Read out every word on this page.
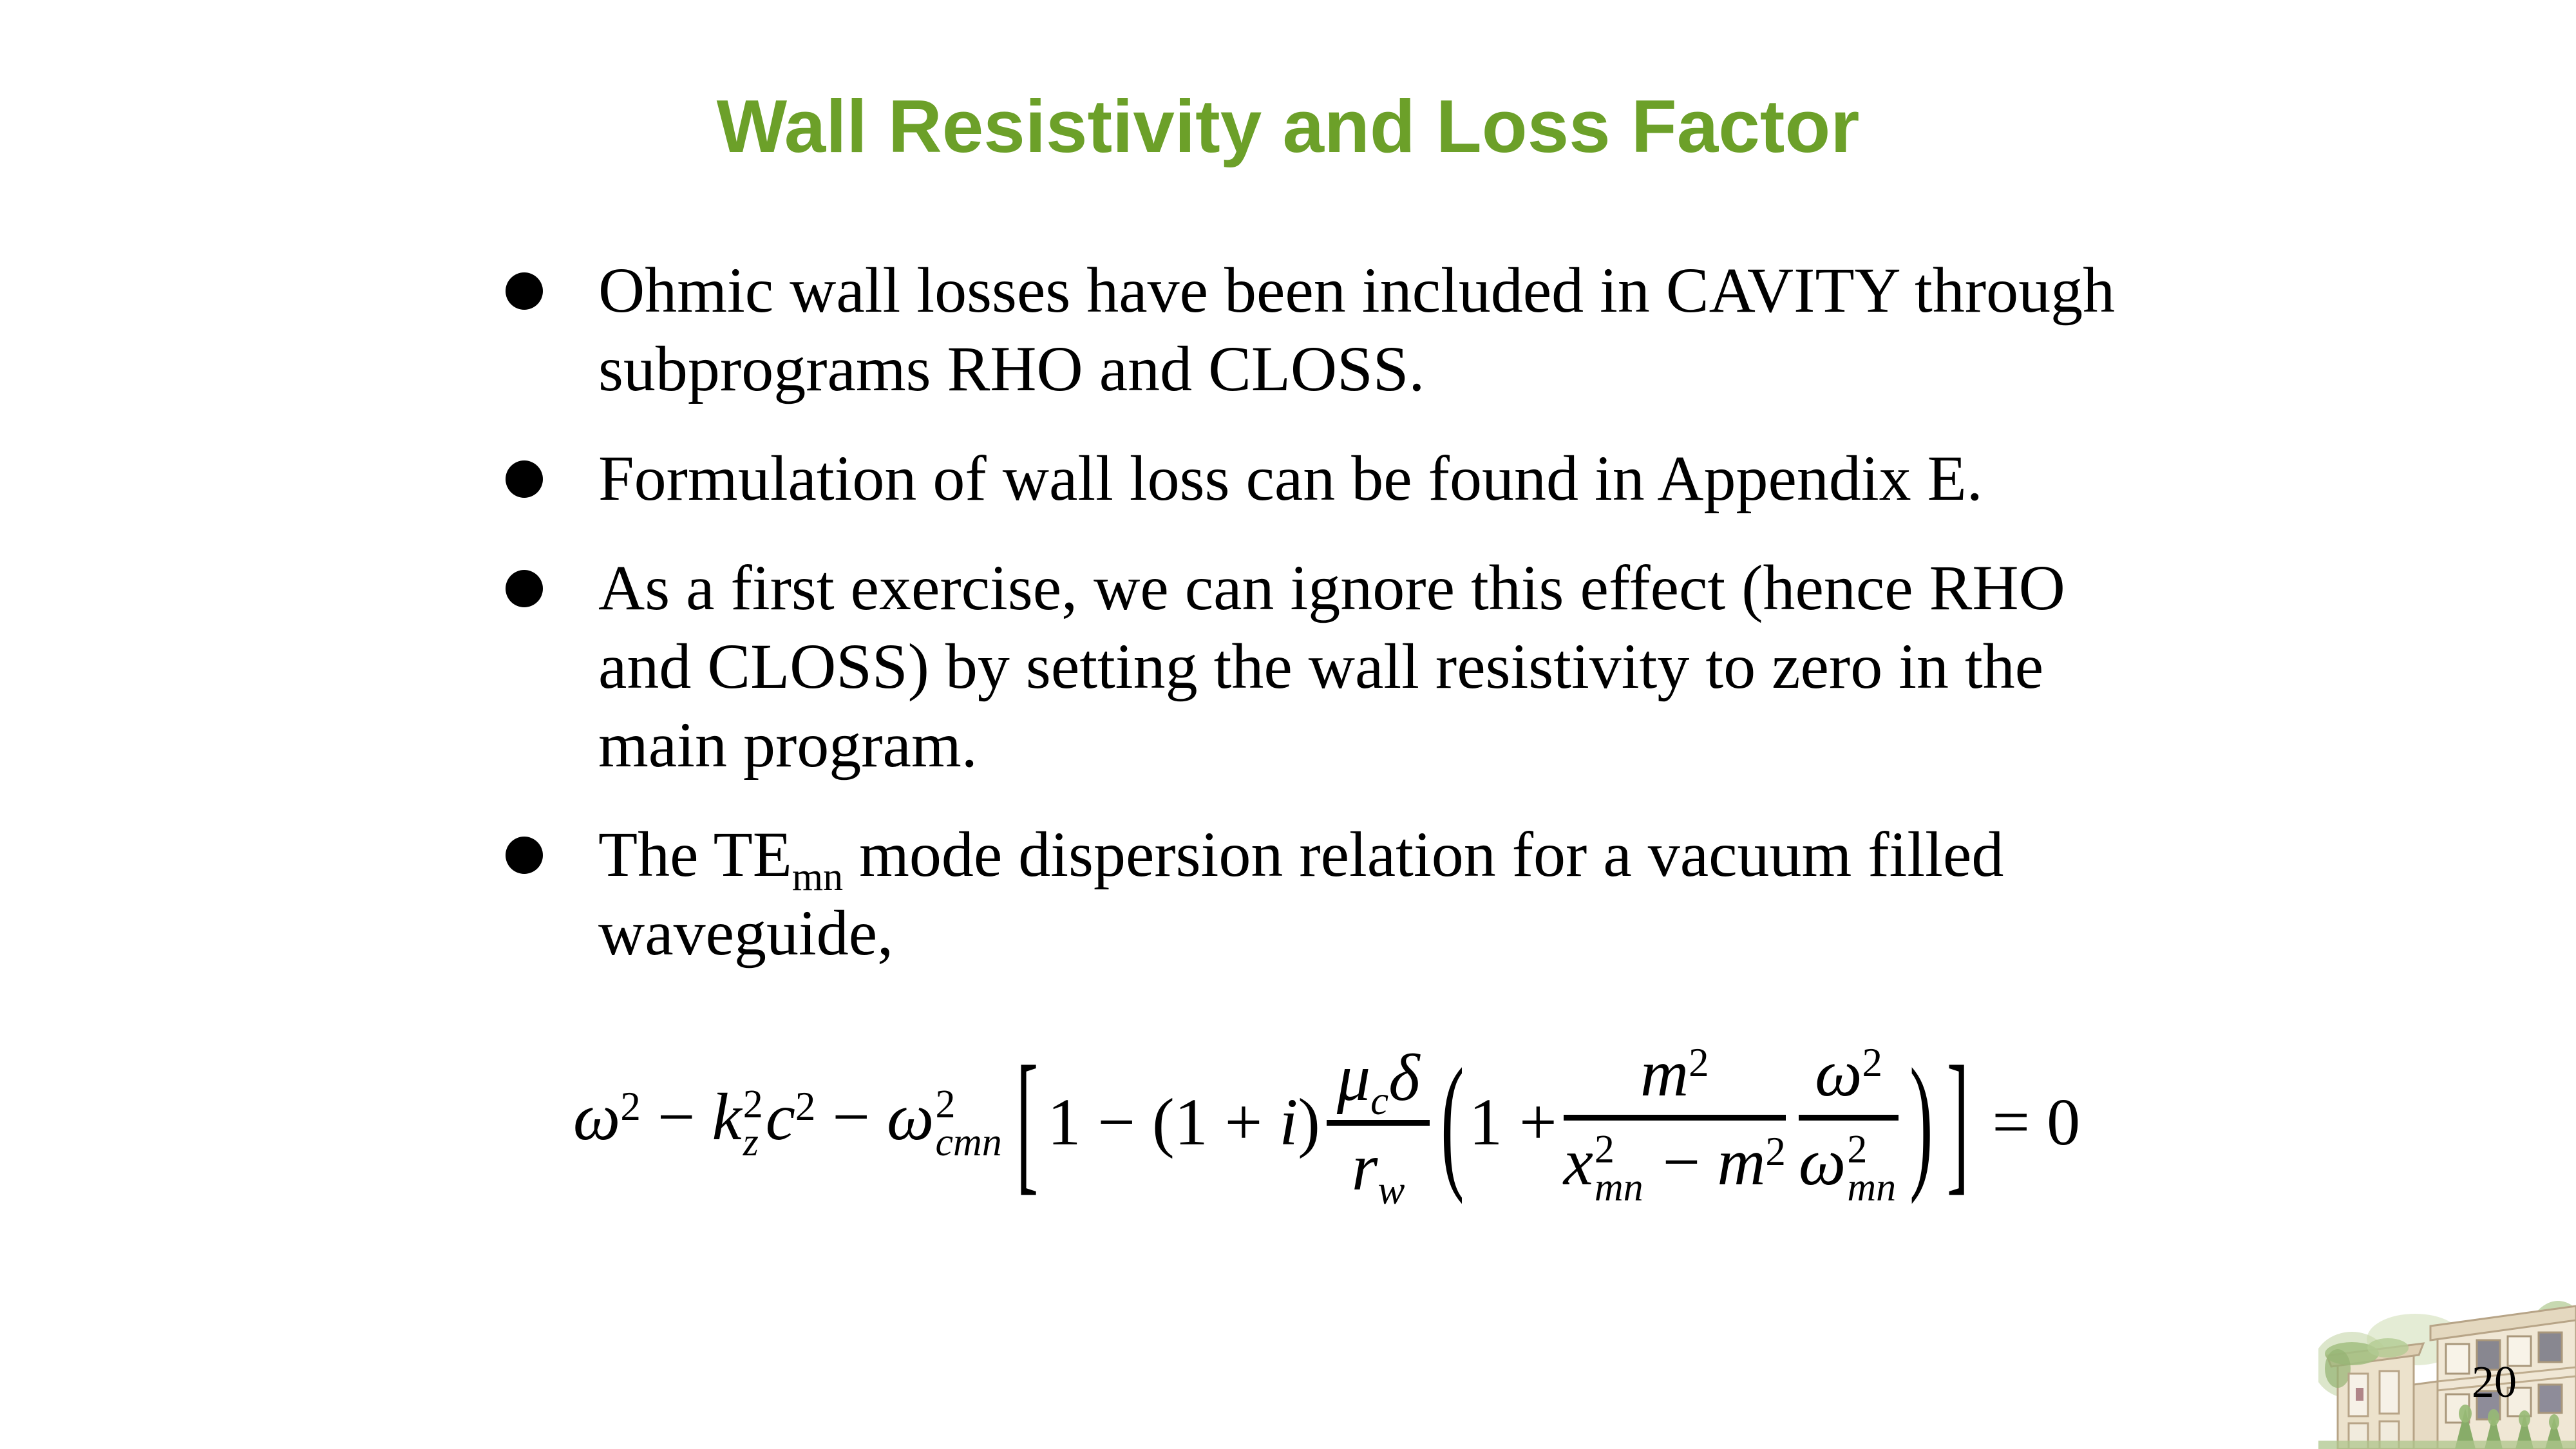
Wall Resistivity and Loss Factor
Ohmic wall losses have been included in CAVITY through
subprograms RHO and CLOSS.
Formulation of wall loss can be found in Appendix E.
As a first exercise, we can ignore this effect (hence RHO
and CLOSS) by setting the wall resistivity to zero in the
main program.
The $TE_{mn}$ mode dispersion relation for a vacuum filled
waveguide,
$\omega^2 - k$ 2
z $c^2 - \omega$ 2
cmn [ $1 - (1 + i) \frac{\mu_c\delta}{r_w}$ ( $1 + m^2$
x 2
mn − $m^2$ $\omega^2$
ω 2
mn ) ] = 0
20
